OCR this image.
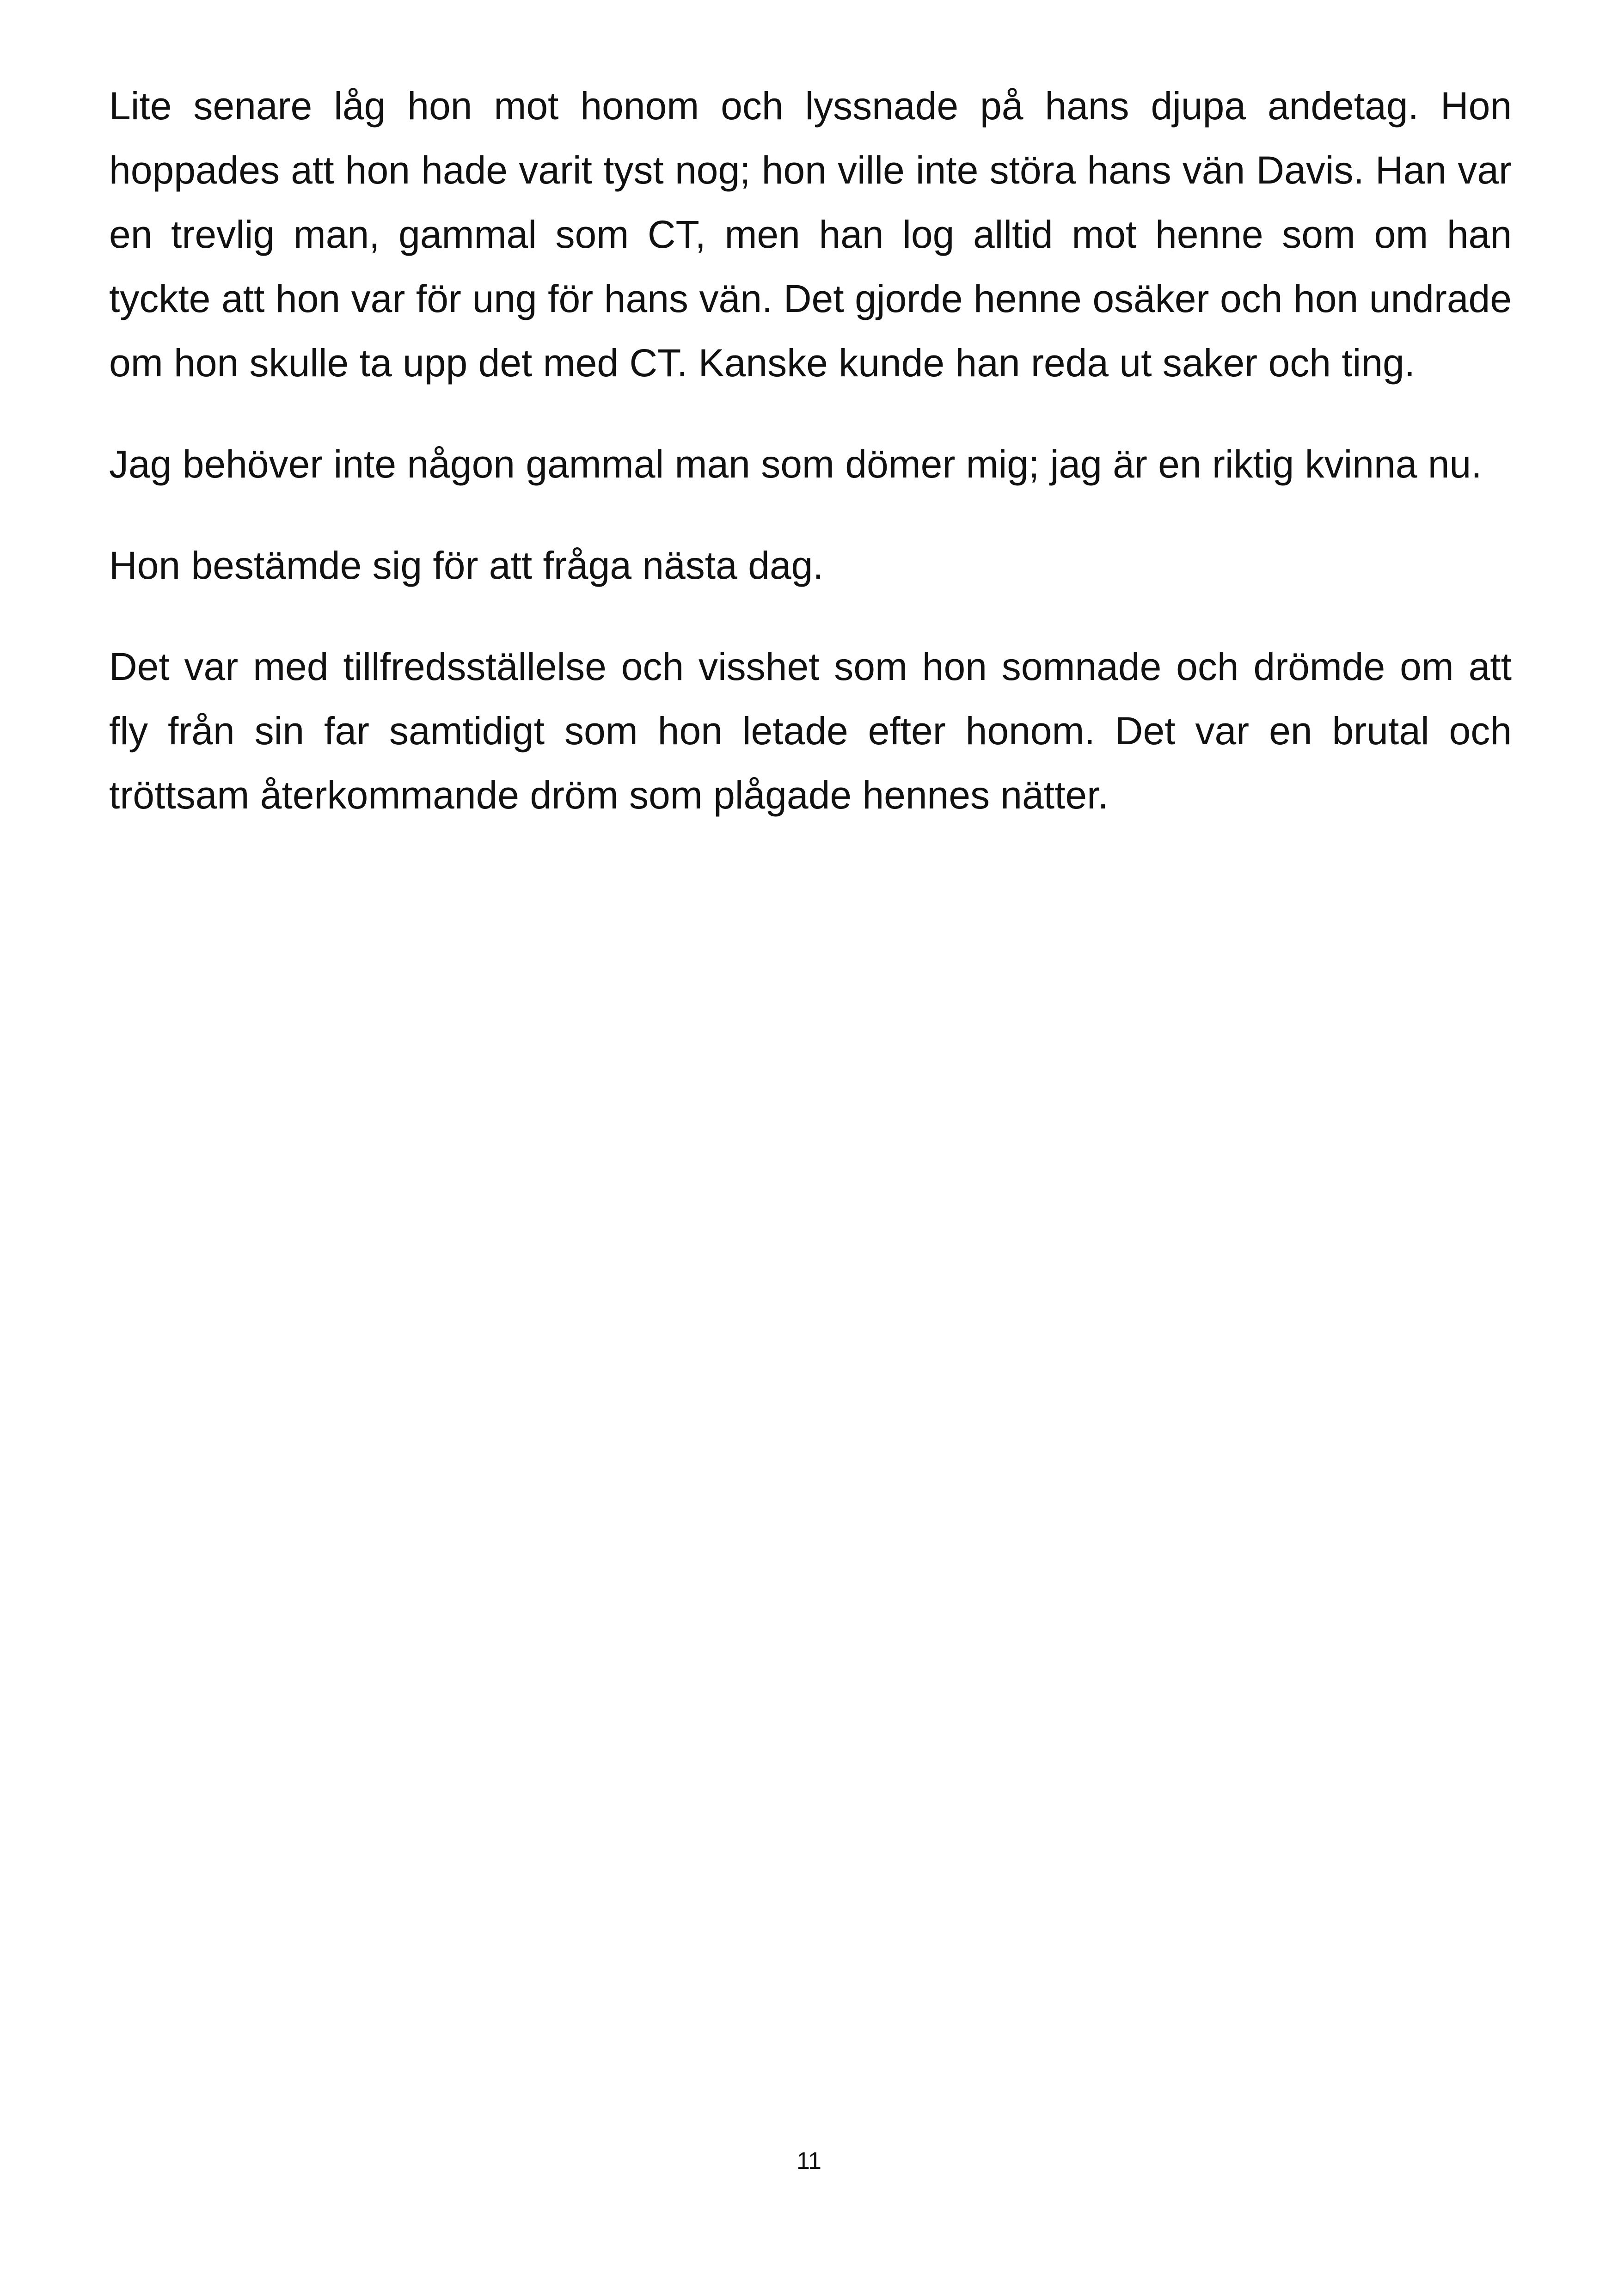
Lite senare låg hon mot honom och lyssnade på hans djupa andetag. Hon hoppades att hon hade varit tyst nog; hon ville inte störa hans vän Davis. Han var en trevlig man, gammal som CT, men han log alltid mot henne som om han tyckte att hon var för ung för hans vän. Det gjorde henne osäker och hon undrade om hon skulle ta upp det med CT. Kanske kunde han reda ut saker och ting.

Jag behöver inte någon gammal man som dömer mig; jag är en riktig kvinna nu.

Hon bestämde sig för att fråga nästa dag.

Det var med tillfredsställelse och visshet som hon somnade och drömde om att fly från sin far samtidigt som hon letade efter honom. Det var en brutal och tröttsam återkommande dröm som plågade hennes nätter.

11
